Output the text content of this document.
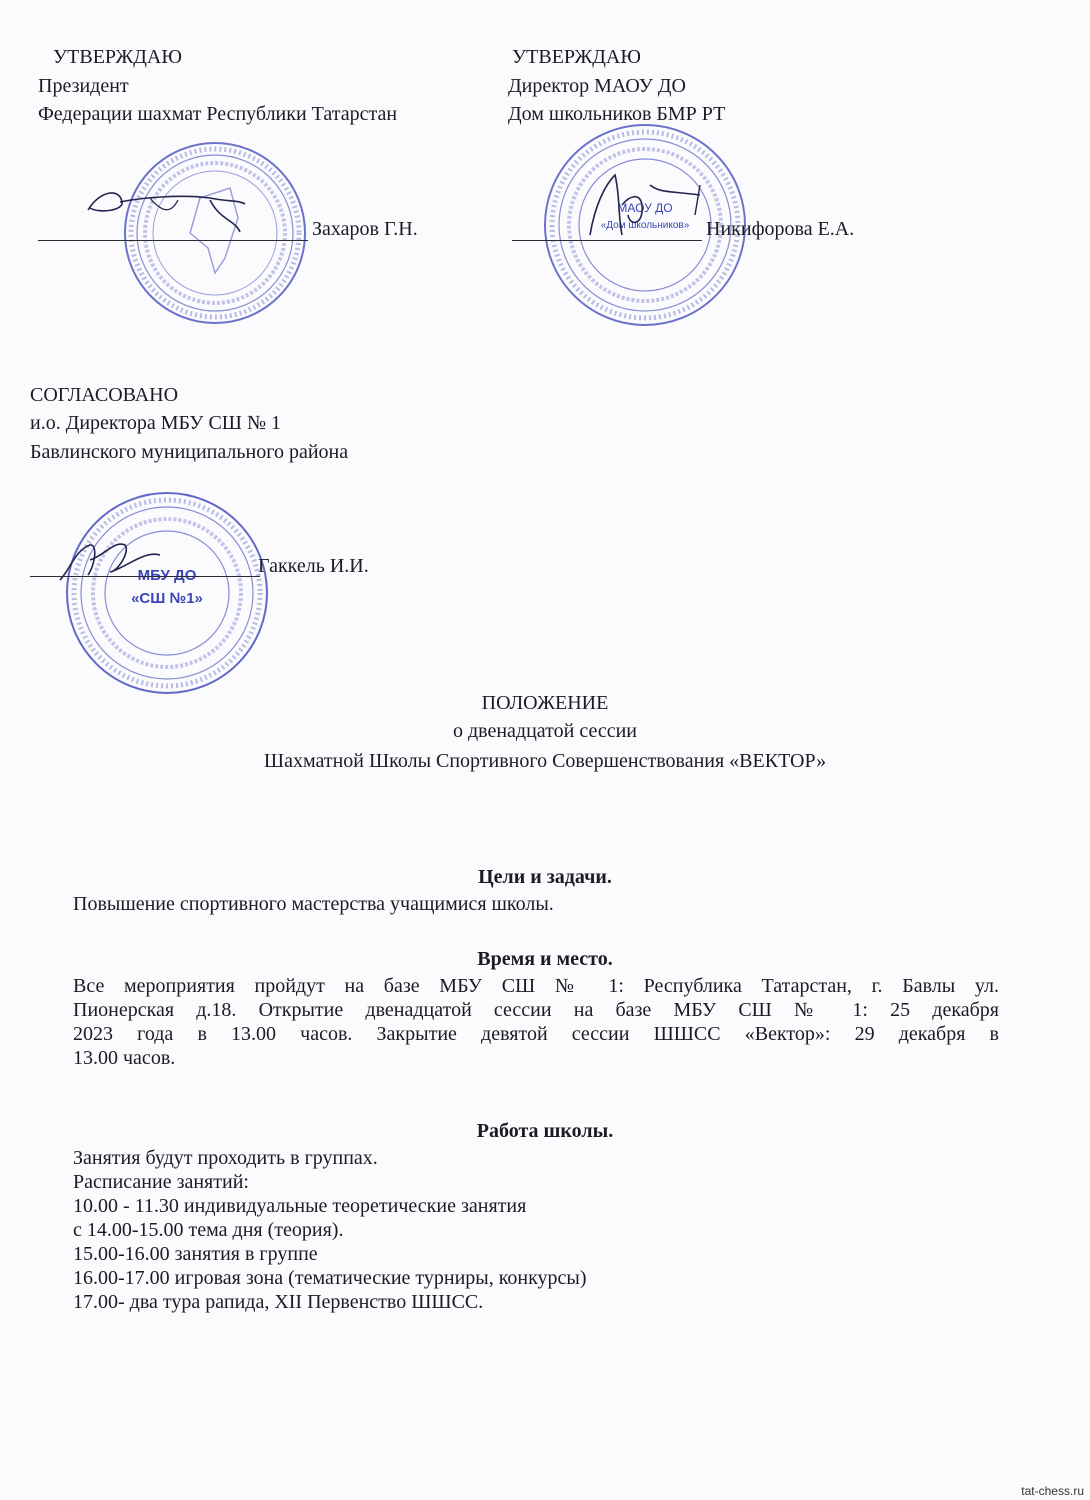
УТВЕРЖДАЮ
Президент
Федерации шахмат Республики Татарстан
Захаров Г.Н.
УТВЕРЖДАЮ
Директор МАОУ ДО
Дом школьников БМР РТ
МАОУ ДО
«Дом школьников» Никифорова Е.А.
СОГЛАСОВАНО
и.о. Директора МБУ СШ № 1
Бавлинского муниципального района
МБУ ДО
«СШ №1»
Гаккель И.И.
ПОЛОЖЕНИЕ
о двенадцатой сессии
Шахматной Школы Спортивного Совершенствования «ВЕКТОР»
Цели и задачи.
Повышение спортивного мастерства учащимися школы.
Время и место.
Все мероприятия пройдут на базе МБУ СШ № 1: Республика Татарстан, г. Бавлы ул.
Пионерская д.18. Открытие двенадцатой сессии на базе МБУ СШ № 1: 25 декабря
2023 года в 13.00 часов. Закрытие девятой сессии ШШСС «Вектор»: 29 декабря в
13.00 часов.
Работа школы.
Занятия будут проходить в группах.
Расписание занятий:
10.00 - 11.30 индивидуальные теоретические занятия
с 14.00-15.00 тема дня (теория).
15.00-16.00 занятия в группе
16.00-17.00 игровая зона (тематические турниры, конкурсы)
17.00- два тура рапида, XII Первенство ШШСС.
tat-chess.ru
